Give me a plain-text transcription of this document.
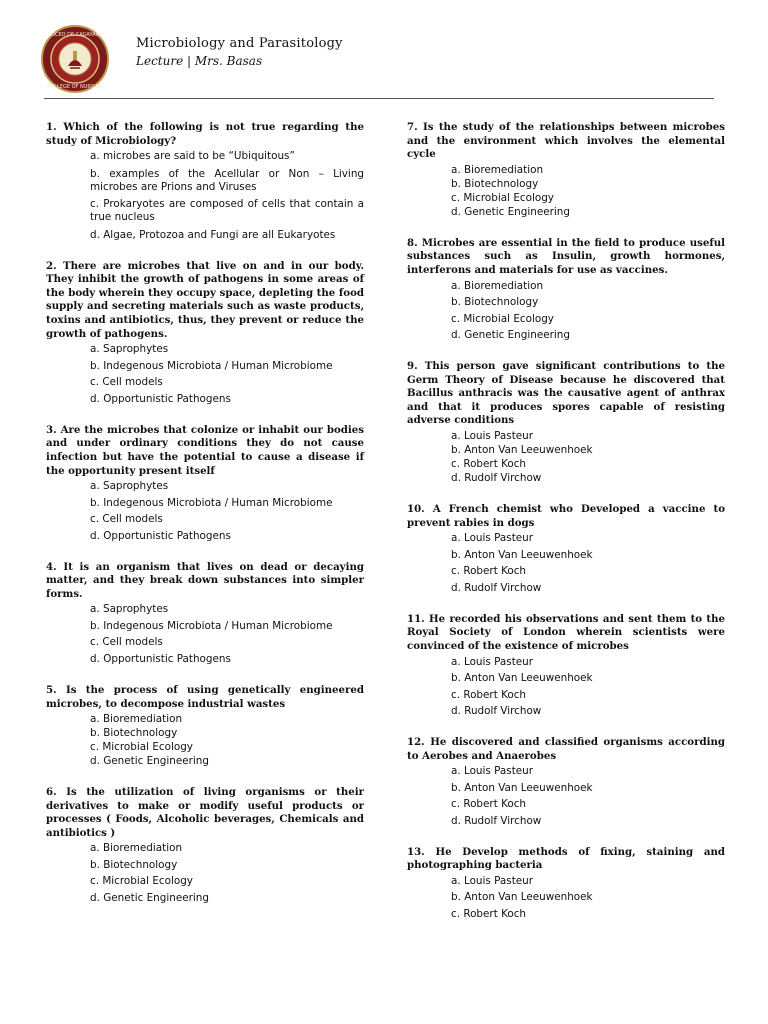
LICEO DE CAGAYAN
COLLEGE OF NURSING
Microbiology and Parasitology
Lecture | Mrs. Basas

1. Which of the following is not true regarding the study of Microbiology?

a. microbes are said to be “Ubiquitous”
b. examples of the Acellular or Non – Living microbes are Prions and Viruses
c. Prokaryotes are composed of cells that contain a true nucleus
d. Algae, Protozoa and Fungi are all Eukaryotes

2. There are microbes that live on and in our body. They inhibit the growth of pathogens in some areas of the body wherein they occupy space, depleting the food supply and secreting materials such as waste products, toxins and antibiotics, thus, they prevent or reduce the growth of pathogens.

a. Saprophytes
b. Indegenous Microbiota / Human Microbiome
c. Cell models
d. Opportunistic Pathogens

3. Are the microbes that colonize or inhabit our bodies and under ordinary conditions they do not cause infection but have the potential to cause a disease if the opportunity present itself

a. Saprophytes
b. Indegenous Microbiota / Human Microbiome
c. Cell models
d. Opportunistic Pathogens

4. It is an organism that lives on dead or decaying matter, and they break down substances into simpler forms.

a. Saprophytes
b. Indegenous Microbiota / Human Microbiome
c. Cell models
d. Opportunistic Pathogens

5. Is the process of using genetically engineered microbes, to decompose industrial wastes

a. Bioremediation
b. Biotechnology
c. Microbial Ecology
d. Genetic Engineering

6. Is the utilization of living organisms or their derivatives to make or modify useful products or processes ( Foods, Alcoholic beverages, Chemicals and antibiotics )

a. Bioremediation
b. Biotechnology
c. Microbial Ecology
d. Genetic Engineering

7. Is the study of the relationships between microbes and the environment which involves the elemental cycle

a. Bioremediation
b. Biotechnology
c. Microbial Ecology
d. Genetic Engineering

8. Microbes are essential in the field to produce useful substances such as Insulin, growth hormones, interferons and materials for use as vaccines.

a. Bioremediation
b. Biotechnology
c. Microbial Ecology
d. Genetic Engineering

9. This person gave significant contributions to the Germ Theory of Disease because he discovered that Bacillus anthracis was the causative agent of anthrax and that it produces spores capable of resisting adverse conditions

a. Louis Pasteur
b. Anton Van Leeuwenhoek
c. Robert Koch
d. Rudolf Virchow

10. A French chemist who Developed a vaccine to prevent rabies in dogs

a. Louis Pasteur
b. Anton Van Leeuwenhoek
c. Robert Koch
d. Rudolf Virchow

11. He recorded his observations and sent them to the Royal Society of London wherein scientists were convinced of the existence of microbes

a. Louis Pasteur
b. Anton Van Leeuwenhoek
c. Robert Koch
d. Rudolf Virchow

12. He discovered and classified organisms according to Aerobes and Anaerobes

a. Louis Pasteur
b. Anton Van Leeuwenhoek
c. Robert Koch
d. Rudolf Virchow

13. He Develop methods of fixing, staining and photographing bacteria

a. Louis Pasteur
b. Anton Van Leeuwenhoek
c. Robert Koch
